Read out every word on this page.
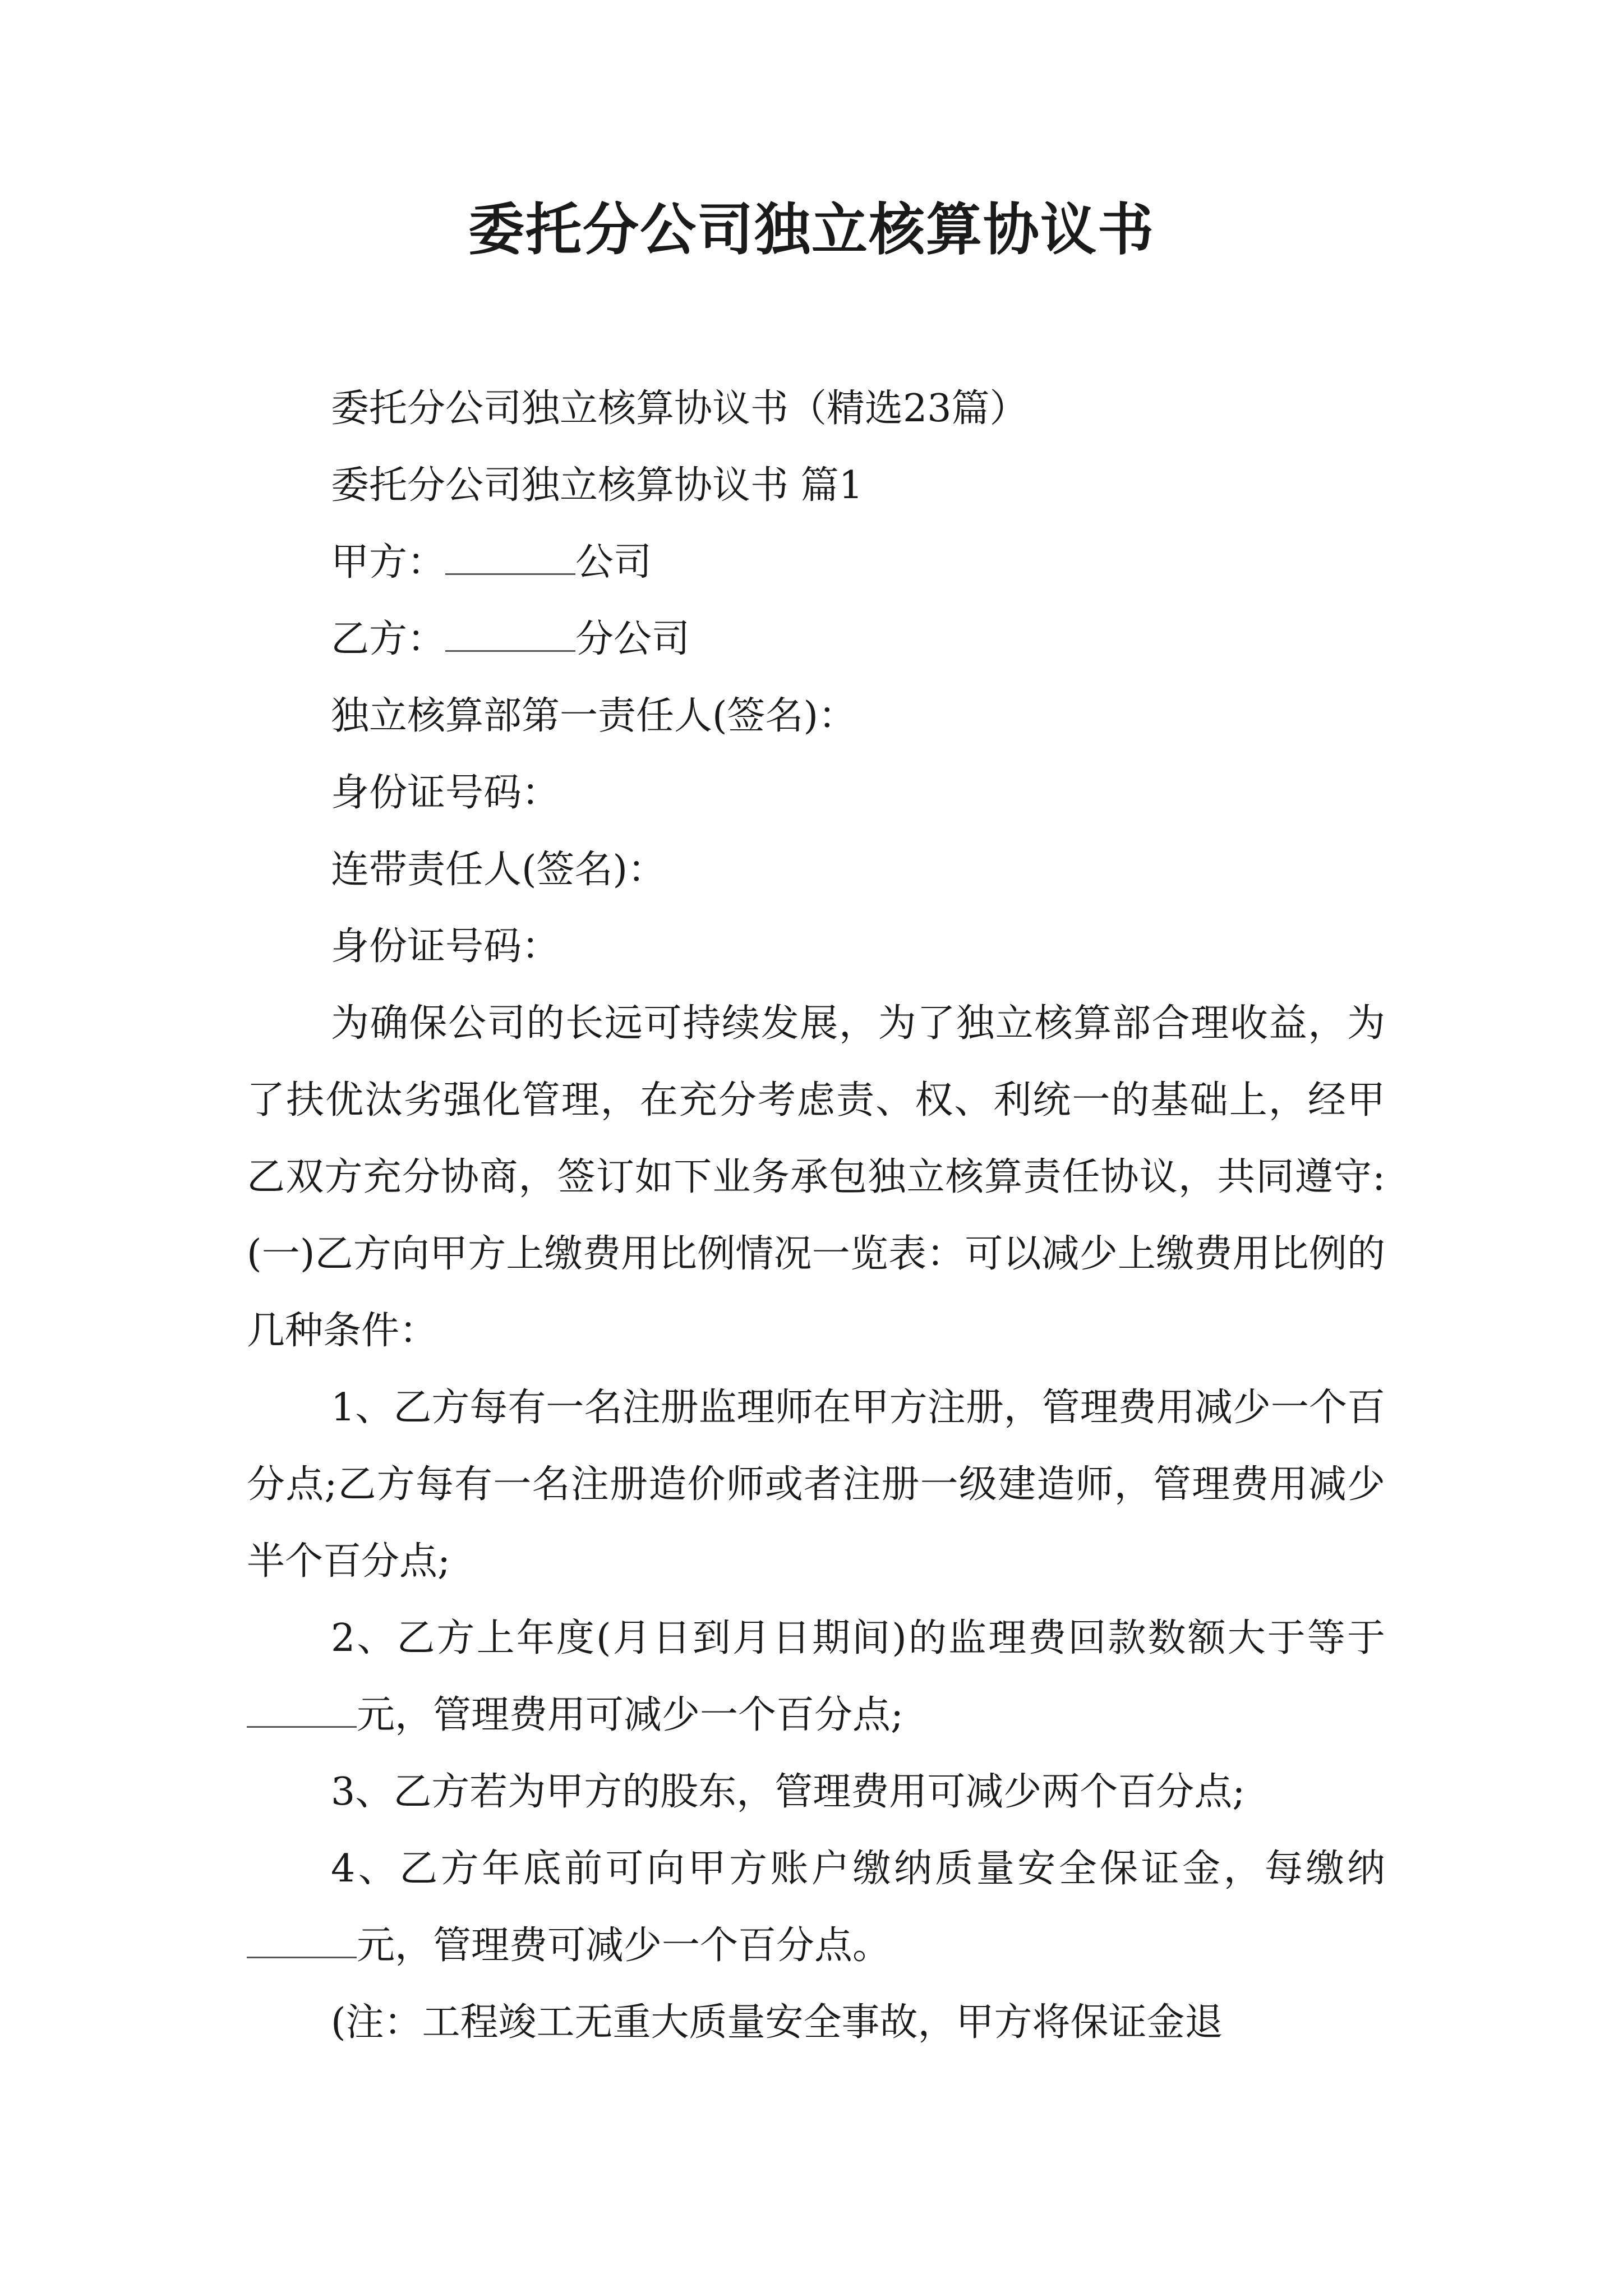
委托分公司独立核算协议书

委托分公司独立核算协议书（精选23篇）

委托分公司独立核算协议书 篇1

甲方：	公司

乙方：	分公司

独立核算部第一责任人(签名)：

身份证号码：

连带责任人(签名)：

身份证号码：

为确保公司的长远可持续发展，为了独立核算部合理收益，为了扶优汰劣强化管理，在充分考虑责、权、利统一的基础上，经甲乙双方充分协商，签订如下业务承包独立核算责任协议，共同遵守:(一)乙方向甲方上缴费用比例情况一览表：可以减少上缴费用比例的几种条件：

1、乙方每有一名注册监理师在甲方注册，管理费用减少一个百分点;乙方每有一名注册造价师或者注册一级建造师，管理费用减少半个百分点;

2、乙方上年度(月日到月日期间)的监理费回款数额大于等于元，管理费用可减少一个百分点;

3、乙方若为甲方的股东，管理费用可减少两个百分点;

4、乙方年底前可向甲方账户缴纳质量安全保证金，每缴纳元，管理费可减少一个百分点。

(注：工程竣工无重大质量安全事故，甲方将保证金退
